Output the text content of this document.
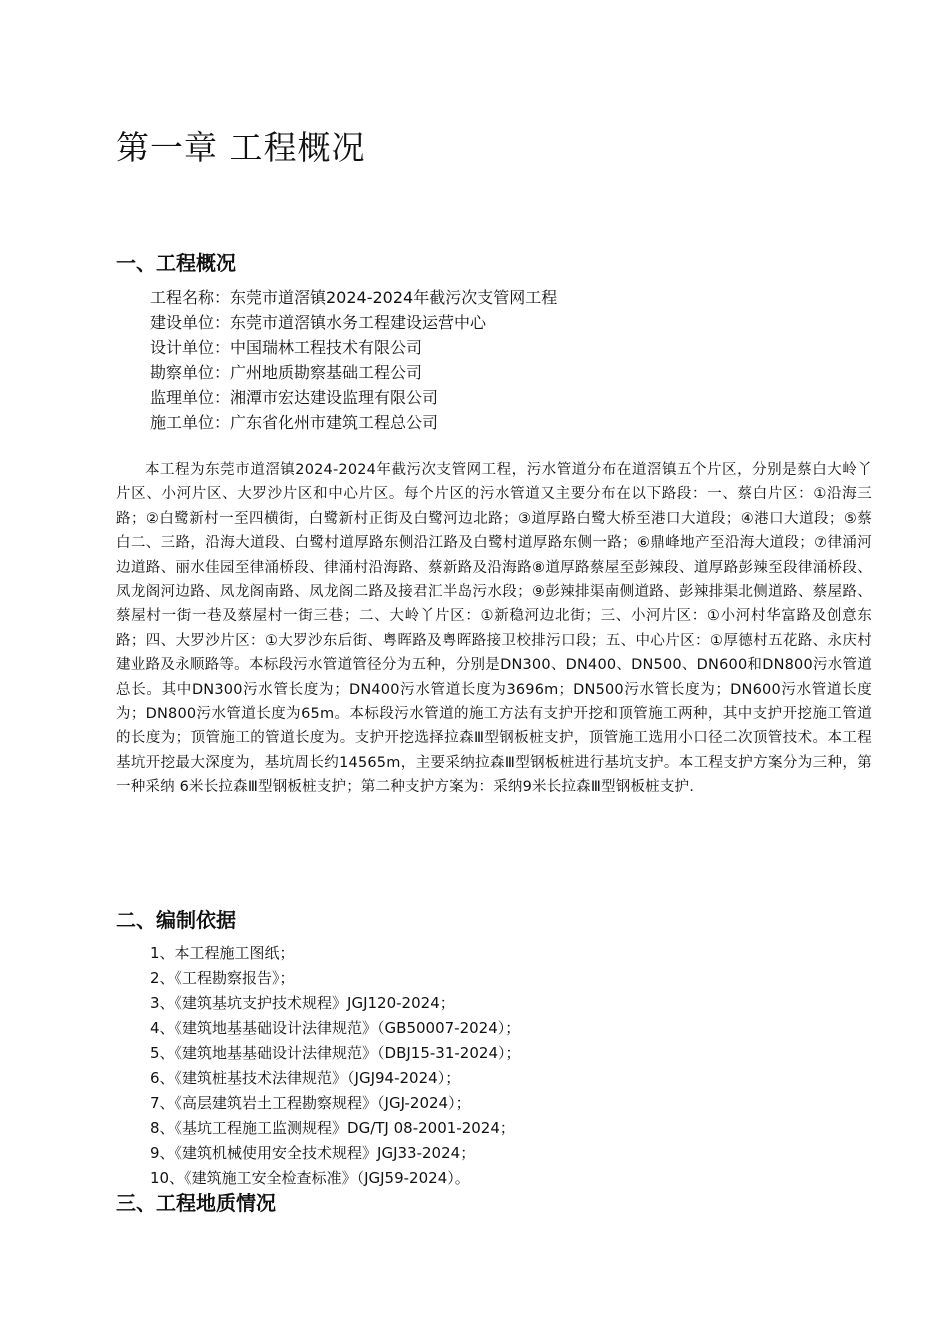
第一章 工程概况
一、工程概况
工程名称：东莞市道滘镇2024-2024年截污次支管网工程
建设单位：东莞市道滘镇水务工程建设运营中心
设计单位：中国瑞林工程技术有限公司
勘察单位：广州地质勘察基础工程公司
监理单位：湘潭市宏达建设监理有限公司
施工单位：广东省化州市建筑工程总公司

本工程为东莞市道滘镇2024-2024年截污次支管网工程，污水管道分布在道滘镇五个片区，分别是蔡白大岭丫片区、小河片区、大罗沙片区和中心片区。每个片区的污水管道又主要分布在以下路段：一、蔡白片区：①沿海三路；②白鹭新村一至四横街，白鹭新村正街及白鹭河边北路；③道厚路白鹭大桥至港口大道段；④港口大道段；⑤蔡白二、三路，沿海大道段、白鹭村道厚路东侧沿江路及白鹭村道厚路东侧一路；⑥鼎峰地产至沿海大道段；⑦律涌河边道路、丽水佳园至律涌桥段、律涌村沿海路、蔡新路及沿海路⑧道厚路蔡屋至彭辣段、道厚路彭辣至段律涌桥段、凤龙阁河边路、凤龙阁南路、凤龙阁二路及接君汇半岛污水段；⑨彭辣排渠南侧道路、彭辣排渠北侧道路、蔡屋路、蔡屋村一街一巷及蔡屋村一街三巷；二、大岭丫片区：①新稳河边北街；三、小河片区：①小河村华富路及创意东路；四、大罗沙片区：①大罗沙东后街、粤晖路及粤晖路接卫校排污口段；五、中心片区：①厚德村五花路、永庆村建业路及永顺路等。本标段污水管道管径分为五种，分别是DN300、DN400、DN500、DN600和DN800污水管道总长。其中DN300污水管长度为；DN400污水管道长度为3696m；DN500污水管长度为；DN600污水管道长度为；DN800污水管道长度为65m。本标段污水管道的施工方法有支护开挖和顶管施工两种，其中支护开挖施工管道的长度为；顶管施工的管道长度为。支护开挖选择拉森Ⅲ型钢板桩支护，顶管施工选用小口径二次顶管技术。本工程基坑开挖最大深度为，基坑周长约14565m，主要采纳拉森Ⅲ型钢板桩进行基坑支护。本工程支护方案分为三种，第一种采纳 6米长拉森Ⅲ型钢板桩支护；第二种支护方案为：采纳9米长拉森Ⅲ型钢板桩支护.

二、编制依据
1、本工程施工图纸；
2、《工程勘察报告》；
3、《建筑基坑支护技术规程》JGJ120-2024；
4、《建筑地基基础设计法律规范》（GB50007-2024）；
5、《建筑地基基础设计法律规范》（DBJ15-31-2024）；
6、《建筑桩基技术法律规范》（JGJ94-2024）；
7、《高层建筑岩土工程勘察规程》（JGJ-2024）；
8、《基坑工程施工监测规程》DG/TJ 08-2001-2024；
9、《建筑机械使用安全技术规程》JGJ33-2024；
10、《建筑施工安全检查标准》（JGJ59-2024）。
三、工程地质情况
